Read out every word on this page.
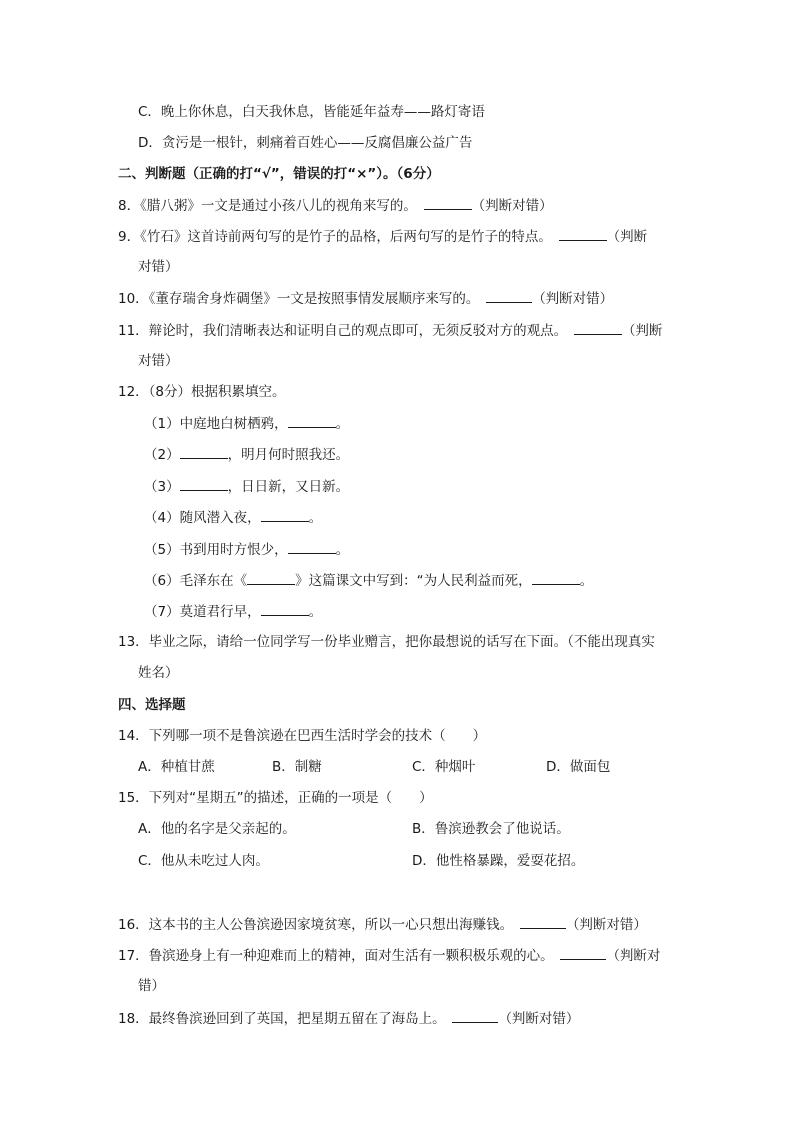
C．晚上你休息，白天我休息，皆能延年益寿——路灯寄语
D．贪污是一根针，刺痛着百姓心——反腐倡廉公益广告
二、判断题（正确的打“√”，错误的打“×”）。（6分）
8．《腊八粥》一文是通过小孩八儿的视角来写的。　	（判断对错）
9．《竹石》这首诗前两句写的是竹子的品格，后两句写的是竹子的特点。　	（判断
对错）
10．《董存瑞舍身炸碉堡》一文是按照事情发展顺序来写的。　	（判断对错）
11．辩论时，我们清晰表达和证明自己的观点即可，无须反驳对方的观点。　	（判断
对错）
12．（8分）根据积累填空。
（1）中庭地白树栖鸦，	。
（2）	，明月何时照我还。
（3）	，日日新，又日新。
（4）随风潜入夜，	。
（5）书到用时方恨少，	。
（6）毛泽东在《	》这篇课文中写到：“为人民利益而死，	。
（7）莫道君行早，	。
13．毕业之际，请给一位同学写一份毕业赠言，把你最想说的话写在下面。（不能出现真实
姓名）
四、选择题
14．下列哪一项不是鲁滨逊在巴西生活时学会的技术（　　）
A．种植甘蔗	B．制糖	C．种烟叶	D．做面包
15．下列对“星期五”的描述，正确的一项是（　　）
A．他的名字是父亲起的。	B．鲁滨逊教会了他说话。
C．他从未吃过人肉。	D．他性格暴躁，爱耍花招。
16．这本书的主人公鲁滨逊因家境贫寒，所以一心只想出海赚钱。　	（判断对错）
17．鲁滨逊身上有一种迎难而上的精神，面对生活有一颗积极乐观的心。　	（判断对
错）
18．最终鲁滨逊回到了英国，把星期五留在了海岛上。　	（判断对错）
